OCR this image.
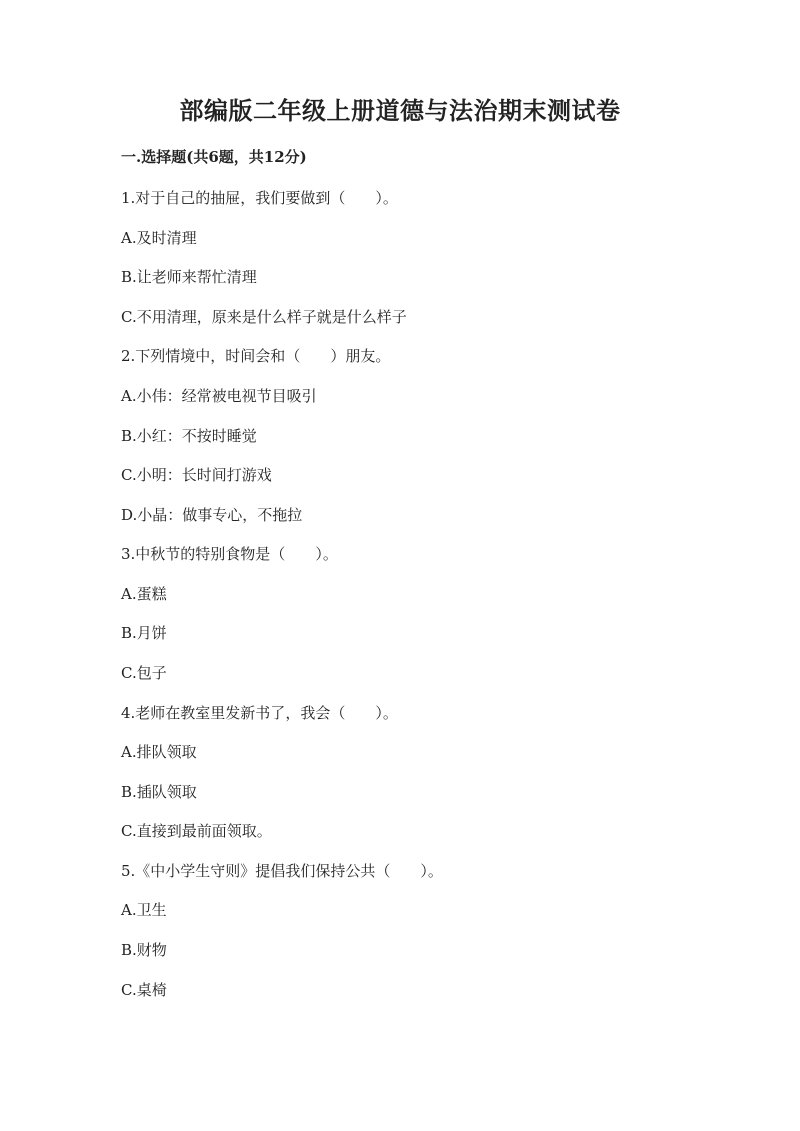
部编版二年级上册道德与法治期末测试卷
一.选择题(共6题，共12分)
1.对于自己的抽屉，我们要做到（　　）。
A.及时清理
B.让老师来帮忙清理
C.不用清理，原来是什么样子就是什么样子
2.下列情境中，时间会和（　　）朋友。
A.小伟：经常被电视节目吸引
B.小红：不按时睡觉
C.小明：长时间打游戏
D.小晶：做事专心，不拖拉
3.中秋节的特别食物是（　　）。
A.蛋糕
B.月饼
C.包子
4.老师在教室里发新书了，我会（　　）。
A.排队领取
B.插队领取
C.直接到最前面领取。
5.《中小学生守则》提倡我们保持公共（　　）。
A.卫生
B.财物
C.桌椅
